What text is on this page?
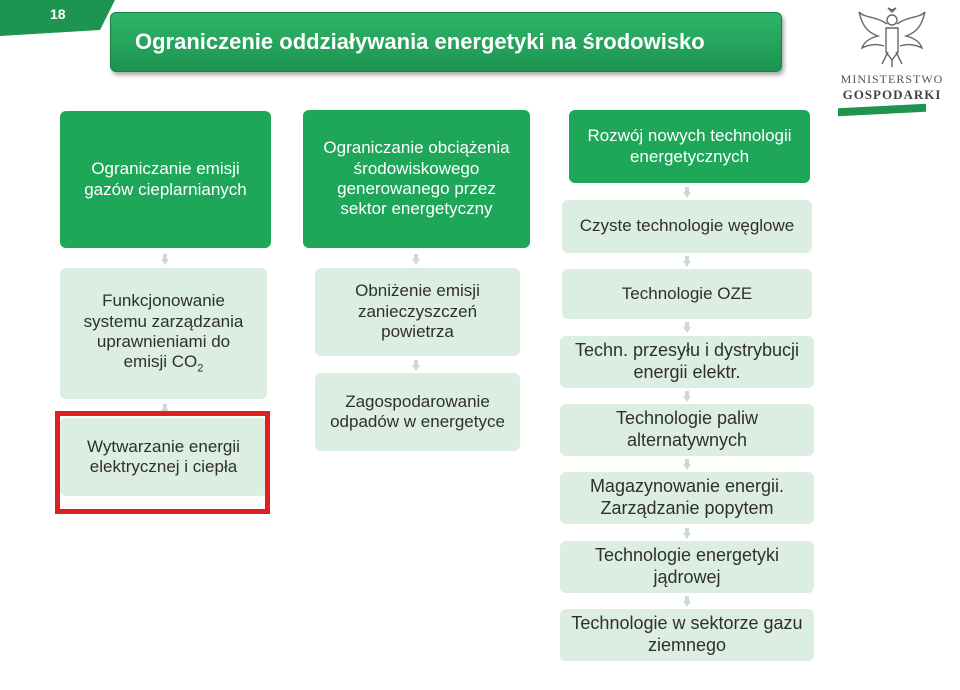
18
Ograniczenie oddziaływania energetyki na środowisko
MINISTERSTWO
GOSPODARKI
Ograniczanie emisji gazów cieplarnianych
Funkcjonowanie systemu zarządzania uprawnieniami do emisji $CO_2$
Wytwarzanie energii elektrycznej i ciepła
Ograniczanie obciążenia środowiskowego generowanego przez sektor energetyczny
Obniżenie emisji zanieczyszczeń powietrza
Zagospodarowanie odpadów w energetyce
Rozwój nowych technologii energetycznych
Czyste technologie węglowe
Technologie OZE
Techn. przesyłu i dystrybucji energii elektr.
Technologie paliw alternatywnych
Magazynowanie energii. Zarządzanie popytem
Technologie energetyki jądrowej
Technologie w sektorze gazu ziemnego
